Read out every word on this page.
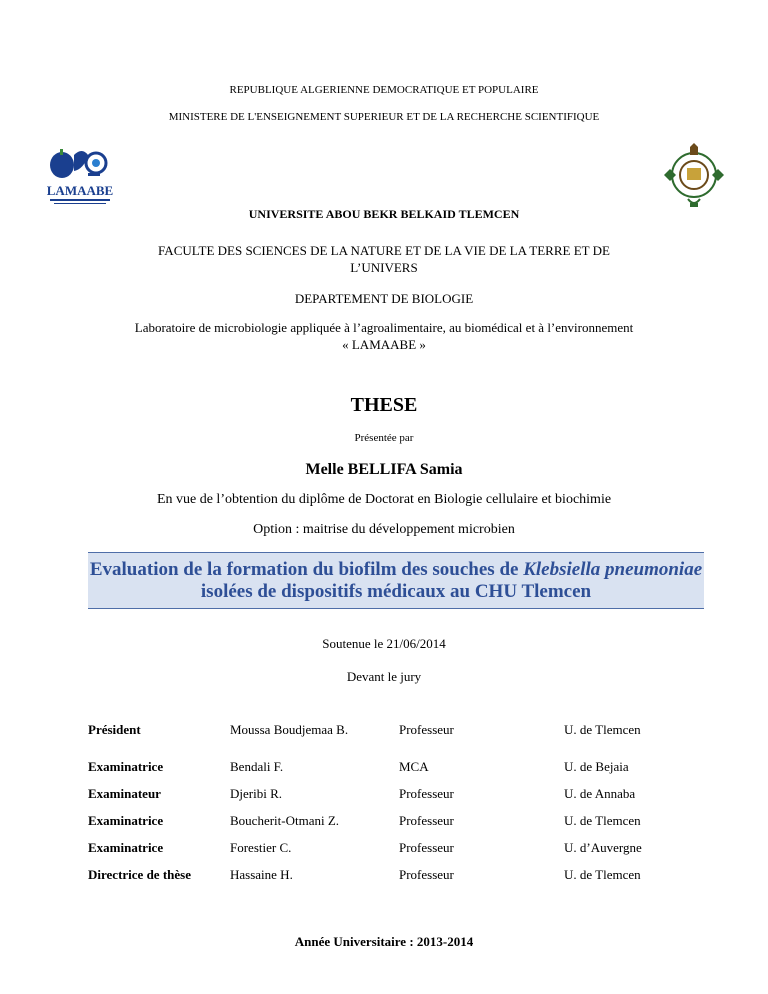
REPUBLIQUE ALGERIENNE DEMOCRATIQUE ET POPULAIRE
MINISTERE DE L'ENSEIGNEMENT SUPERIEUR ET DE LA RECHERCHE SCIENTIFIQUE
LAMAABE
UNIVERSITE ABOU BEKR BELKAID TLEMCEN
FACULTE DES SCIENCES DE LA NATURE ET DE LA VIE DE LA TERRE ET DE
L’UNIVERS
DEPARTEMENT DE BIOLOGIE
Laboratoire de microbiologie appliquée à l’agroalimentaire, au biomédical et à l’environnement
« LAMAABE »
THESE
Présentée par
Melle BELLIFA Samia
En vue de l’obtention du diplôme de Doctorat en Biologie cellulaire et biochimie
Option : maitrise du développement microbien
Evaluation de la formation du biofilm des souches de Klebsiella pneumoniae isolées de dispositifs médicaux au CHU Tlemcen
Soutenue le 21/06/2014
Devant le jury
Président	Moussa Boudjemaa B.	Professeur	U. de Tlemcen
Examinatrice	Bendali F.	MCA	U. de Bejaia
Examinateur	Djeribi R.	Professeur	U. de Annaba
Examinatrice	Boucherit-Otmani Z.	Professeur	U. de Tlemcen
Examinatrice	Forestier C.	Professeur	U. d’Auvergne
Directrice de thèse	Hassaine H.	Professeur	U. de Tlemcen
Année Universitaire : 2013-2014
